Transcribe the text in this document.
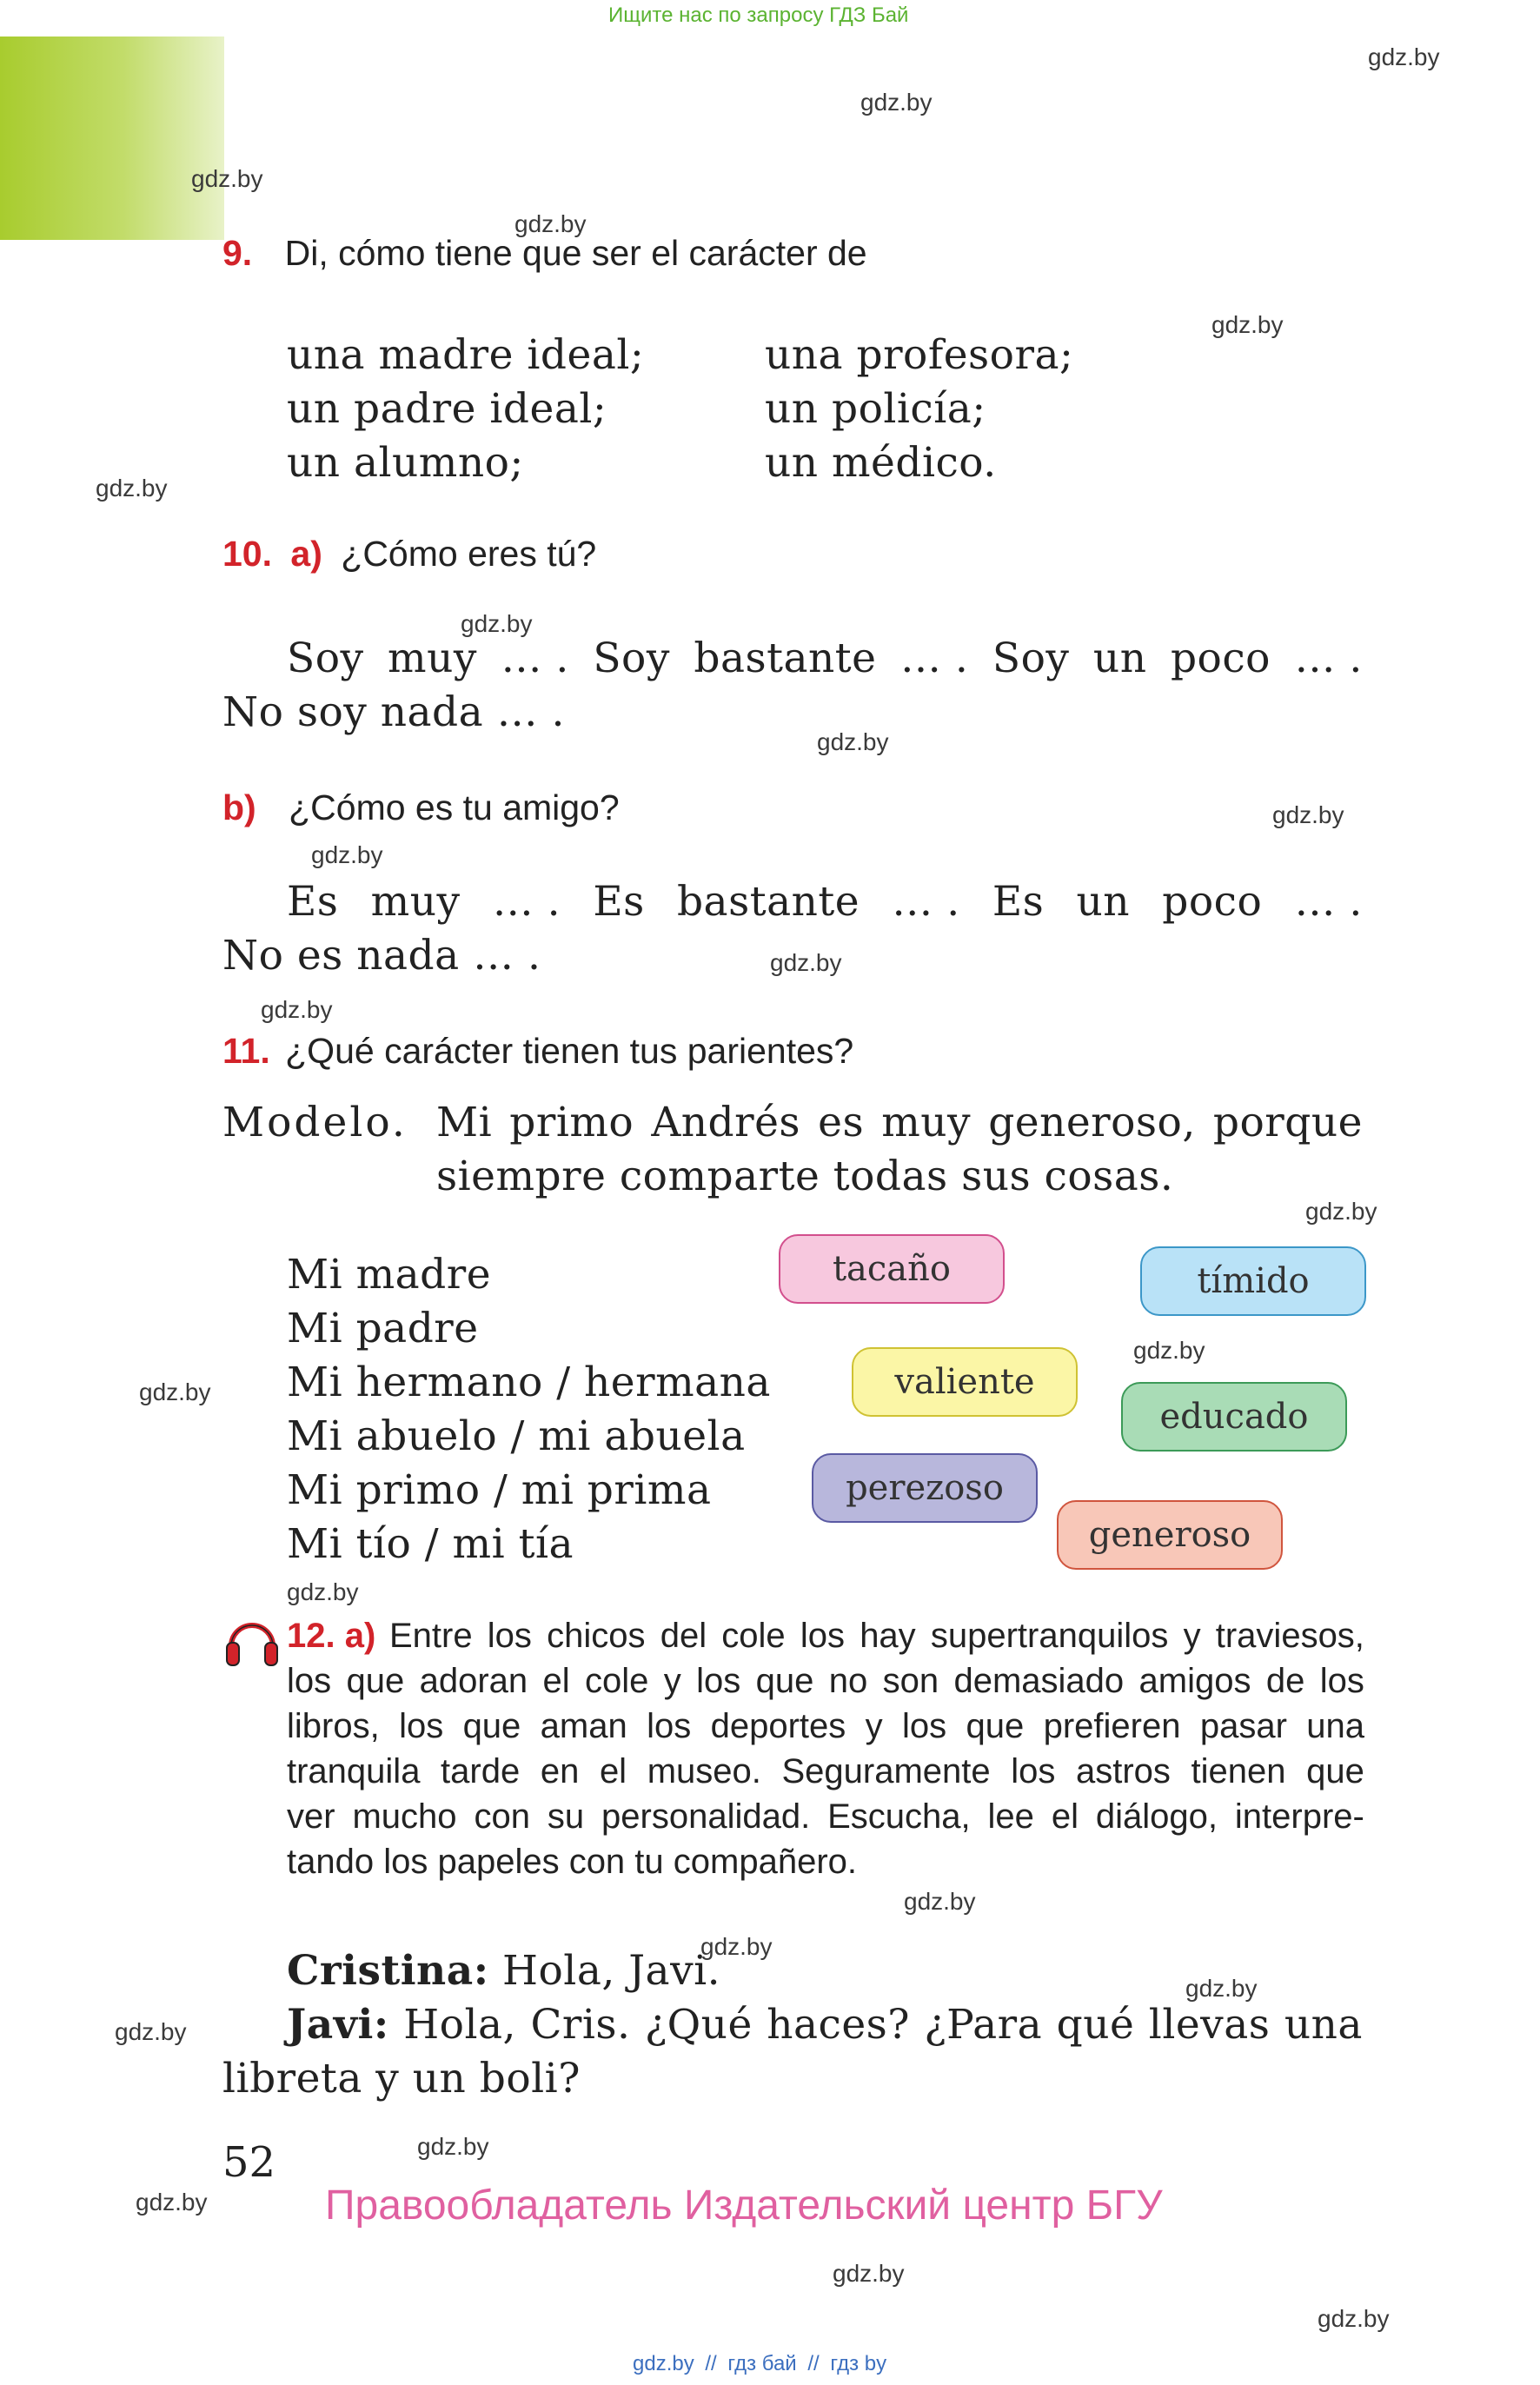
Ищите нас по запросу ГДЗ Бай
gdz.by
gdz.by
gdz.by
gdz.by
gdz.by
gdz.by
gdz.by
gdz.by
gdz.by
gdz.by
gdz.by
gdz.by
gdz.by
gdz.by
gdz.by
gdz.by
gdz.by
gdz.by
gdz.by
gdz.by
gdz.by
gdz.by
gdz.by
gdz.by
9. Di, cómo tiene que ser el carácter de
una madre ideal;
un padre ideal;
un alumno;
una profesora;
un policía;
un médico.
10. a) ¿Cómo eres tú?
Soy muy … . Soy bastante … . Soy un poco … .
No soy nada … .
b) ¿Cómo es tu amigo?
Es muy … . Es bastante … . Es un poco … .
No es nada … .
11. ¿Qué carácter tienen tus parientes?
Modelo. Mi primo Andrés es muy generoso, porque
siempre comparte todas sus cosas.
Mi madre
Mi padre
Mi hermano / hermana
Mi abuelo / mi abuela
Mi primo / mi prima
Mi tío / mi tía
tacaño	tímido
valiente
educado
perezoso
generoso
12. a) Entre los chicos del cole los hay supertranquilos y traviesos,
los que adoran el cole y los que no son demasiado amigos de los
libros, los que aman los deportes y los que prefieren pasar una
tranquila tarde en el museo. Seguramente los astros tienen que
ver mucho con su personalidad. Escucha, lee el diálogo, interpre-
tando los papeles con tu compañero.
Cristina: Hola, Javi.
Javi: Hola, Cris. ¿Qué haces? ¿Para qué llevas una
libreta y un boli?
52
Правообладатель Издательский центр БГУ
gdz.by // гдз бай // гдз by
